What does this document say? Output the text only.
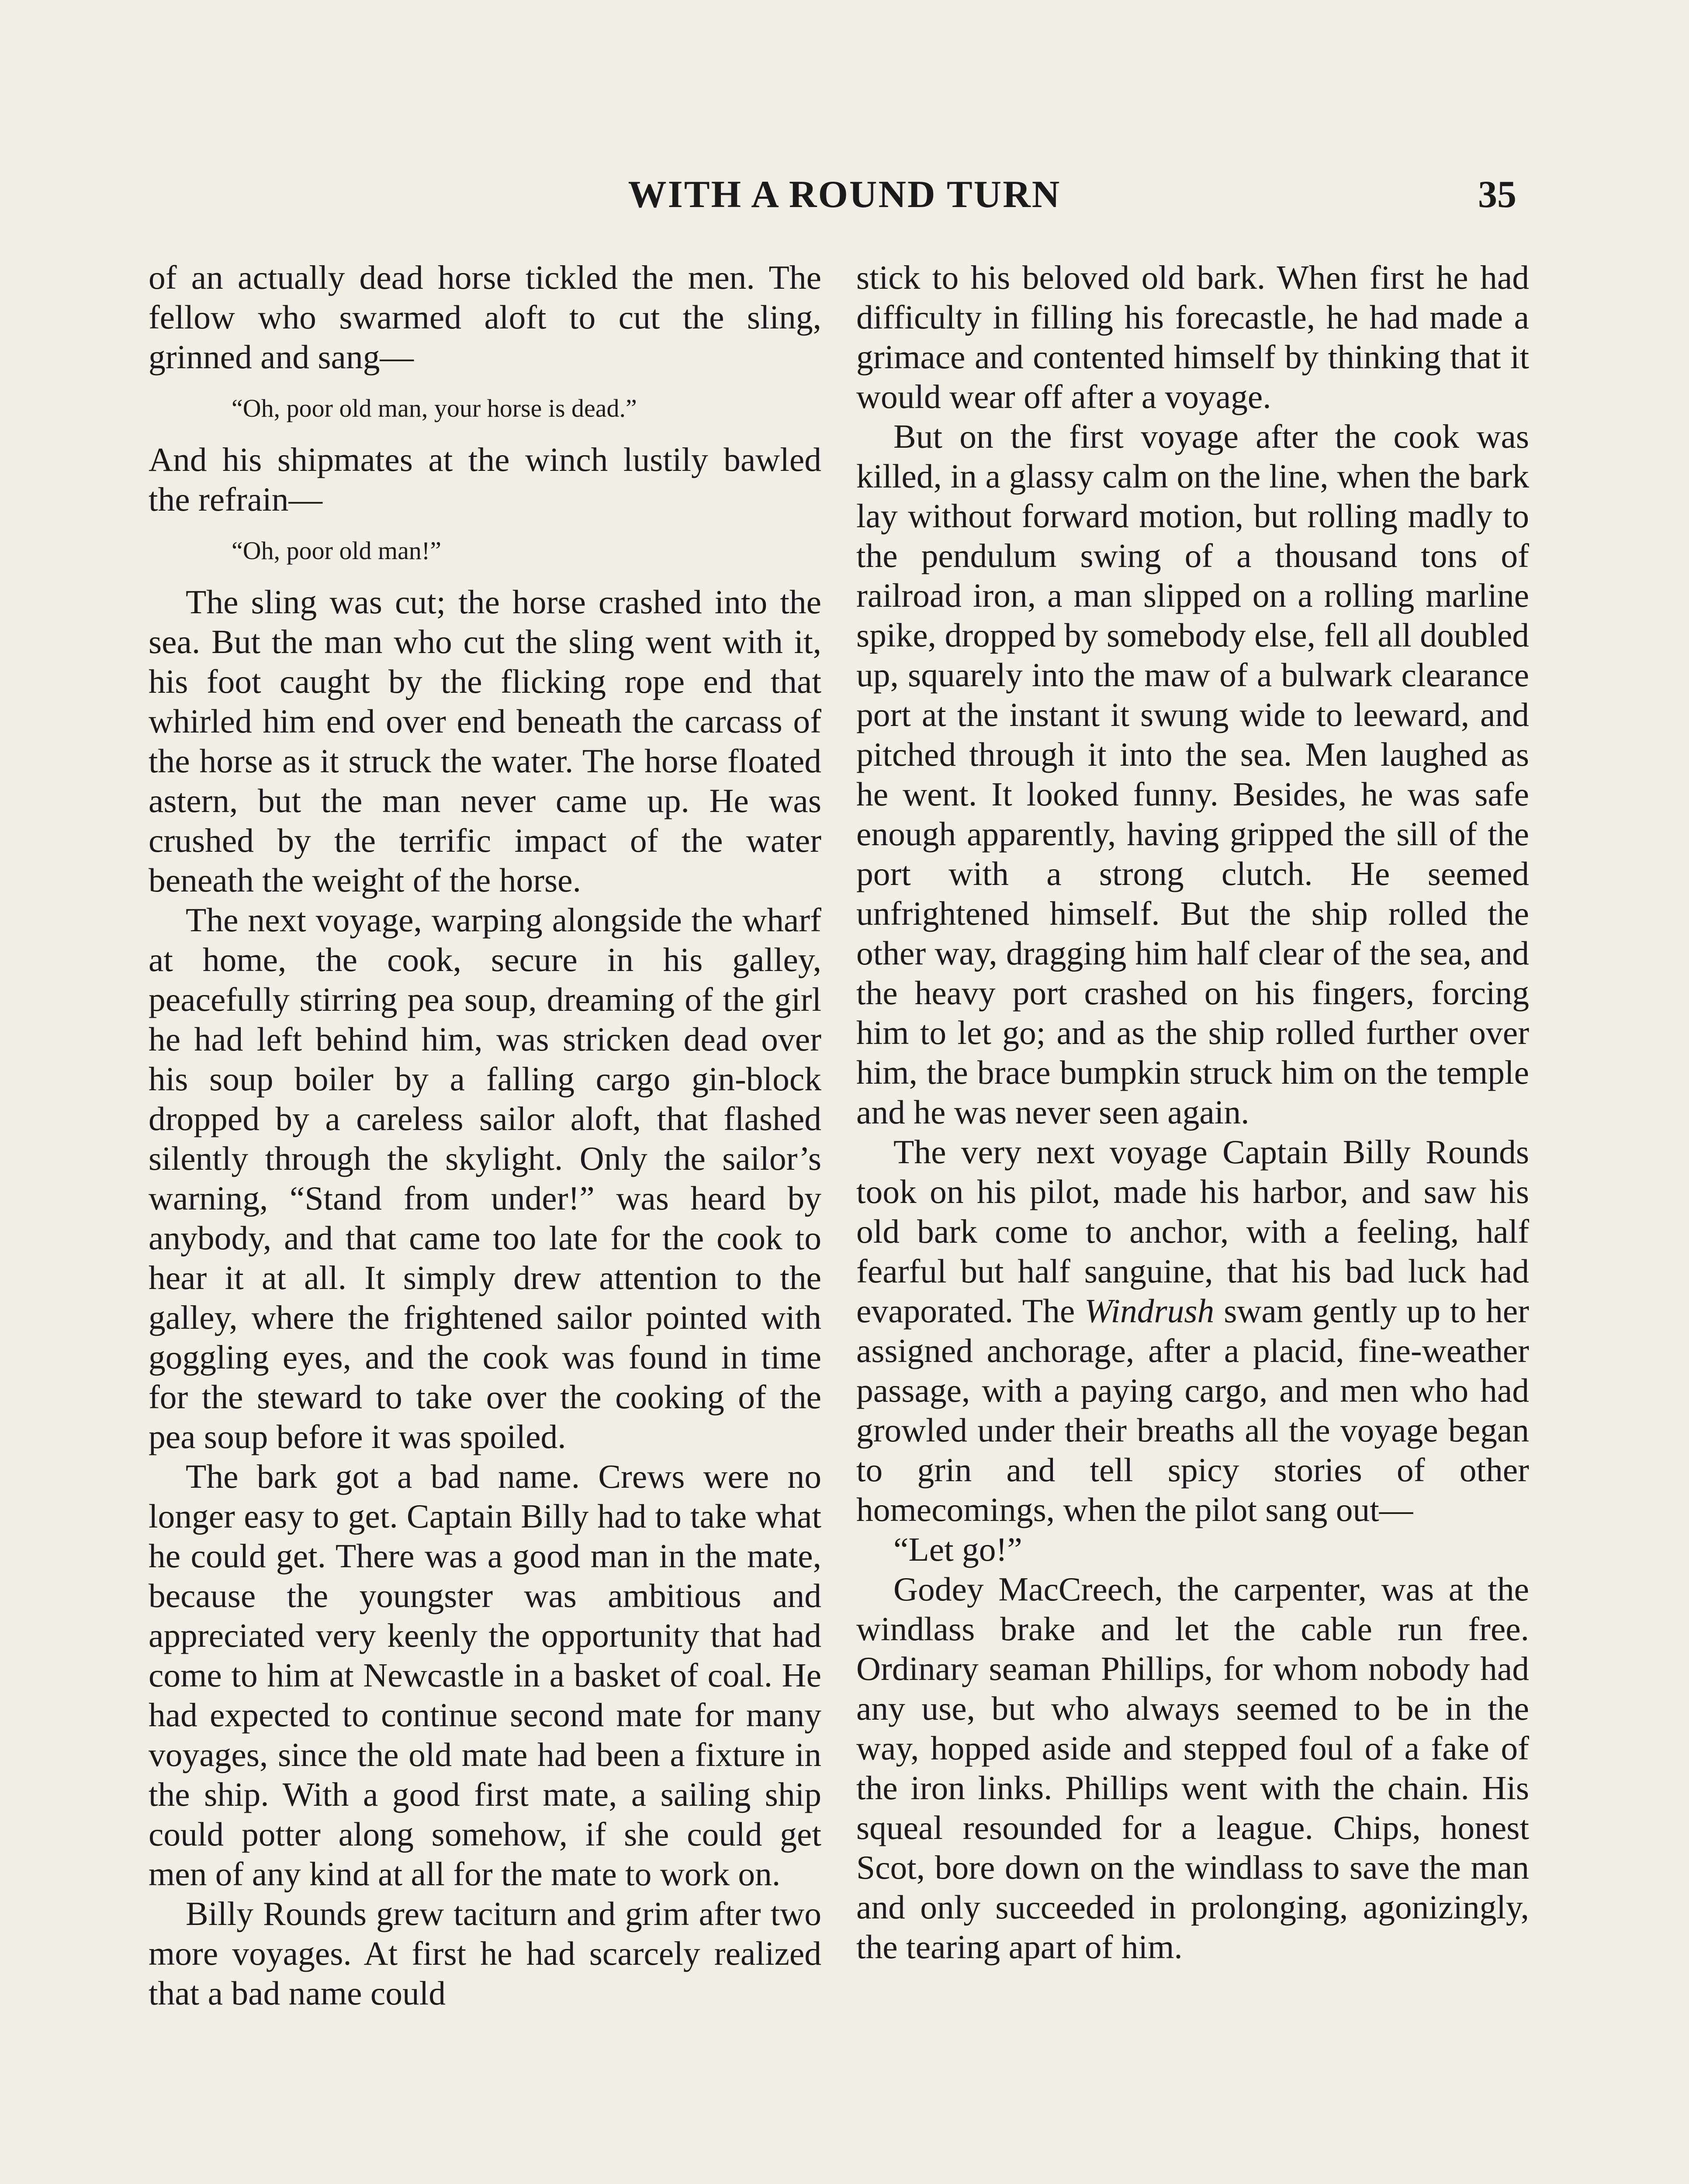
WITH A ROUND TURN	35

of an actually dead horse tickled the men. The fellow who swarmed aloft to cut the sling, grinned and sang—

“Oh, poor old man, your horse is dead.”

And his shipmates at the winch lustily bawled the refrain—

“Oh, poor old man!”

The sling was cut; the horse crashed into the sea. But the man who cut the sling went with it, his foot caught by the flicking rope end that whirled him end over end beneath the carcass of the horse as it struck the water. The horse floated astern, but the man never came up. He was crushed by the terrific impact of the water beneath the weight of the horse.

The next voyage, warping alongside the wharf at home, the cook, secure in his galley, peacefully stirring pea soup, dreaming of the girl he had left behind him, was stricken dead over his soup boiler by a falling cargo gin-block dropped by a careless sailor aloft, that flashed silently through the skylight. Only the sailor’s warning, “Stand from under!” was heard by anybody, and that came too late for the cook to hear it at all. It simply drew attention to the galley, where the frightened sailor pointed with goggling eyes, and the cook was found in time for the steward to take over the cooking of the pea soup before it was spoiled.

The bark got a bad name. Crews were no longer easy to get. Captain Billy had to take what he could get. There was a good man in the mate, because the youngster was ambitious and appreciated very keenly the opportunity that had come to him at Newcastle in a basket of coal. He had expected to continue second mate for many voyages, since the old mate had been a fixture in the ship. With a good first mate, a sailing ship could potter along somehow, if she could get men of any kind at all for the mate to work on.

Billy Rounds grew taciturn and grim after two more voyages. At first he had scarcely realized that a bad name could

stick to his beloved old bark. When first he had difficulty in filling his forecastle, he had made a grimace and contented himself by thinking that it would wear off after a voyage.

But on the first voyage after the cook was killed, in a glassy calm on the line, when the bark lay without forward motion, but rolling madly to the pendulum swing of a thousand tons of railroad iron, a man slipped on a rolling marline spike, dropped by somebody else, fell all doubled up, squarely into the maw of a bulwark clearance port at the instant it swung wide to leeward, and pitched through it into the sea. Men laughed as he went. It looked funny. Besides, he was safe enough apparently, having gripped the sill of the port with a strong clutch. He seemed unfrightened himself. But the ship rolled the other way, dragging him half clear of the sea, and the heavy port crashed on his fingers, forcing him to let go; and as the ship rolled further over him, the brace bumpkin struck him on the temple and he was never seen again.

The very next voyage Captain Billy Rounds took on his pilot, made his harbor, and saw his old bark come to anchor, with a feeling, half fearful but half sanguine, that his bad luck had evaporated. The Windrush swam gently up to her assigned anchorage, after a placid, fine-weather passage, with a paying cargo, and men who had growled under their breaths all the voyage began to grin and tell spicy stories of other homecomings, when the pilot sang out—

“Let go!”

Godey MacCreech, the carpenter, was at the windlass brake and let the cable run free. Ordinary seaman Phillips, for whom nobody had any use, but who always seemed to be in the way, hopped aside and stepped foul of a fake of the iron links. Phillips went with the chain. His squeal resounded for a league. Chips, honest Scot, bore down on the windlass to save the man and only succeeded in prolonging, agonizingly, the tearing apart of him.
